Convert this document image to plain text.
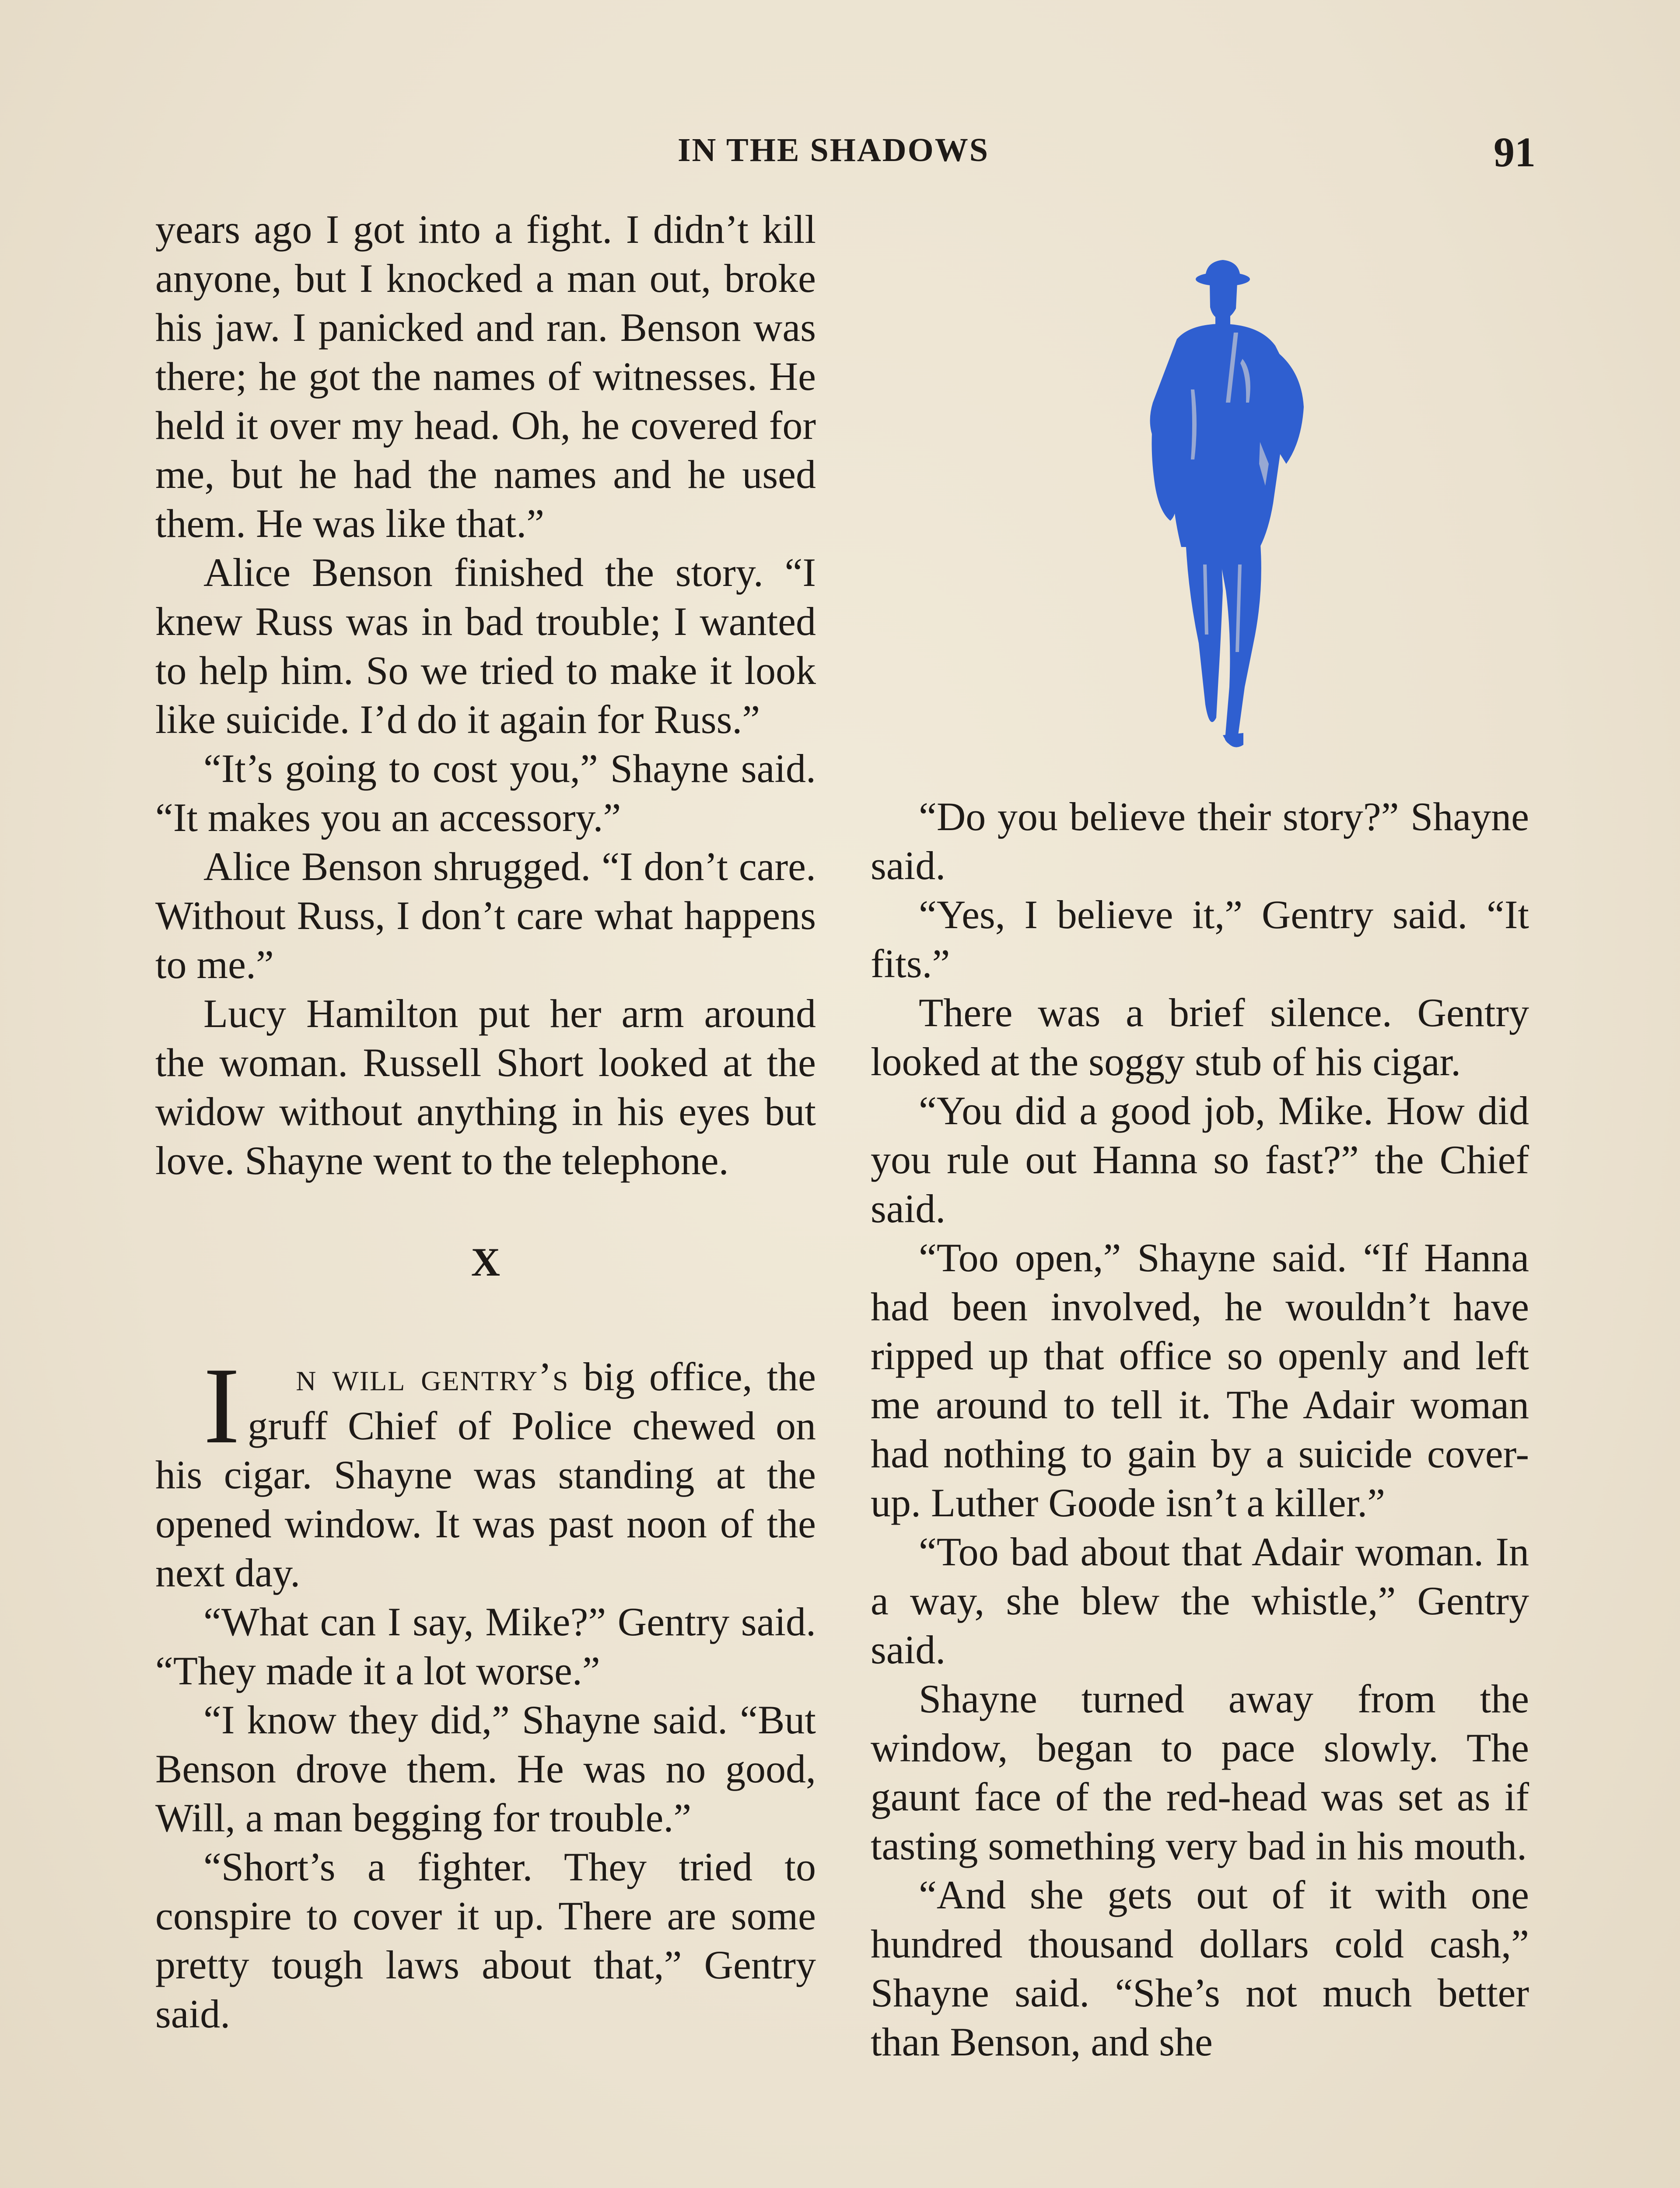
IN THE SHADOWS	91

years ago I got into a fight. I didn’t kill anyone, but I knocked a man out, broke his jaw. I panicked and ran. Benson was there; he got the names of witnesses. He held it over my head. Oh, he covered for me, but he had the names and he used them. He was like that.”

Alice Benson finished the story. “I knew Russ was in bad trouble; I wanted to help him. So we tried to make it look like suicide. I’d do it again for Russ.”

“It’s going to cost you,” Shayne said. “It makes you an accessory.”

Alice Benson shrugged. “I don’t care. Without Russ, I don’t care what happens to me.”

Lucy Hamilton put her arm around the woman. Russell Short looked at the widow without anything in his eyes but love. Shayne went to the telephone.

X

I n will gentry’s big office, the gruff Chief of Police chewed on his cigar. Shayne was standing at the opened window. It was past noon of the next day.

“What can I say, Mike?” Gentry said. “They made it a lot worse.”

“I know they did,” Shayne said. “But Benson drove them. He was no good, Will, a man begging for trouble.”

“Short’s a fighter. They tried to conspire to cover it up. There are some pretty tough laws about that,” Gentry said.

“Do you believe their story?” Shayne said.

“Yes, I believe it,” Gentry said. “It fits.”

There was a brief silence. Gentry looked at the soggy stub of his cigar.

“You did a good job, Mike. How did you rule out Hanna so fast?” the Chief said.

“Too open,” Shayne said. “If Hanna had been involved, he wouldn’t have ripped up that office so openly and left me around to tell it. The Adair woman had nothing to gain by a suicide cover-up. Luther Goode isn’t a killer.”

“Too bad about that Adair woman. In a way, she blew the whistle,” Gentry said.

Shayne turned away from the window, began to pace slowly. The gaunt face of the red-head was set as if tasting something very bad in his mouth.

“And she gets out of it with one hundred thousand dollars cold cash,” Shayne said. “She’s not much better than Benson, and she
